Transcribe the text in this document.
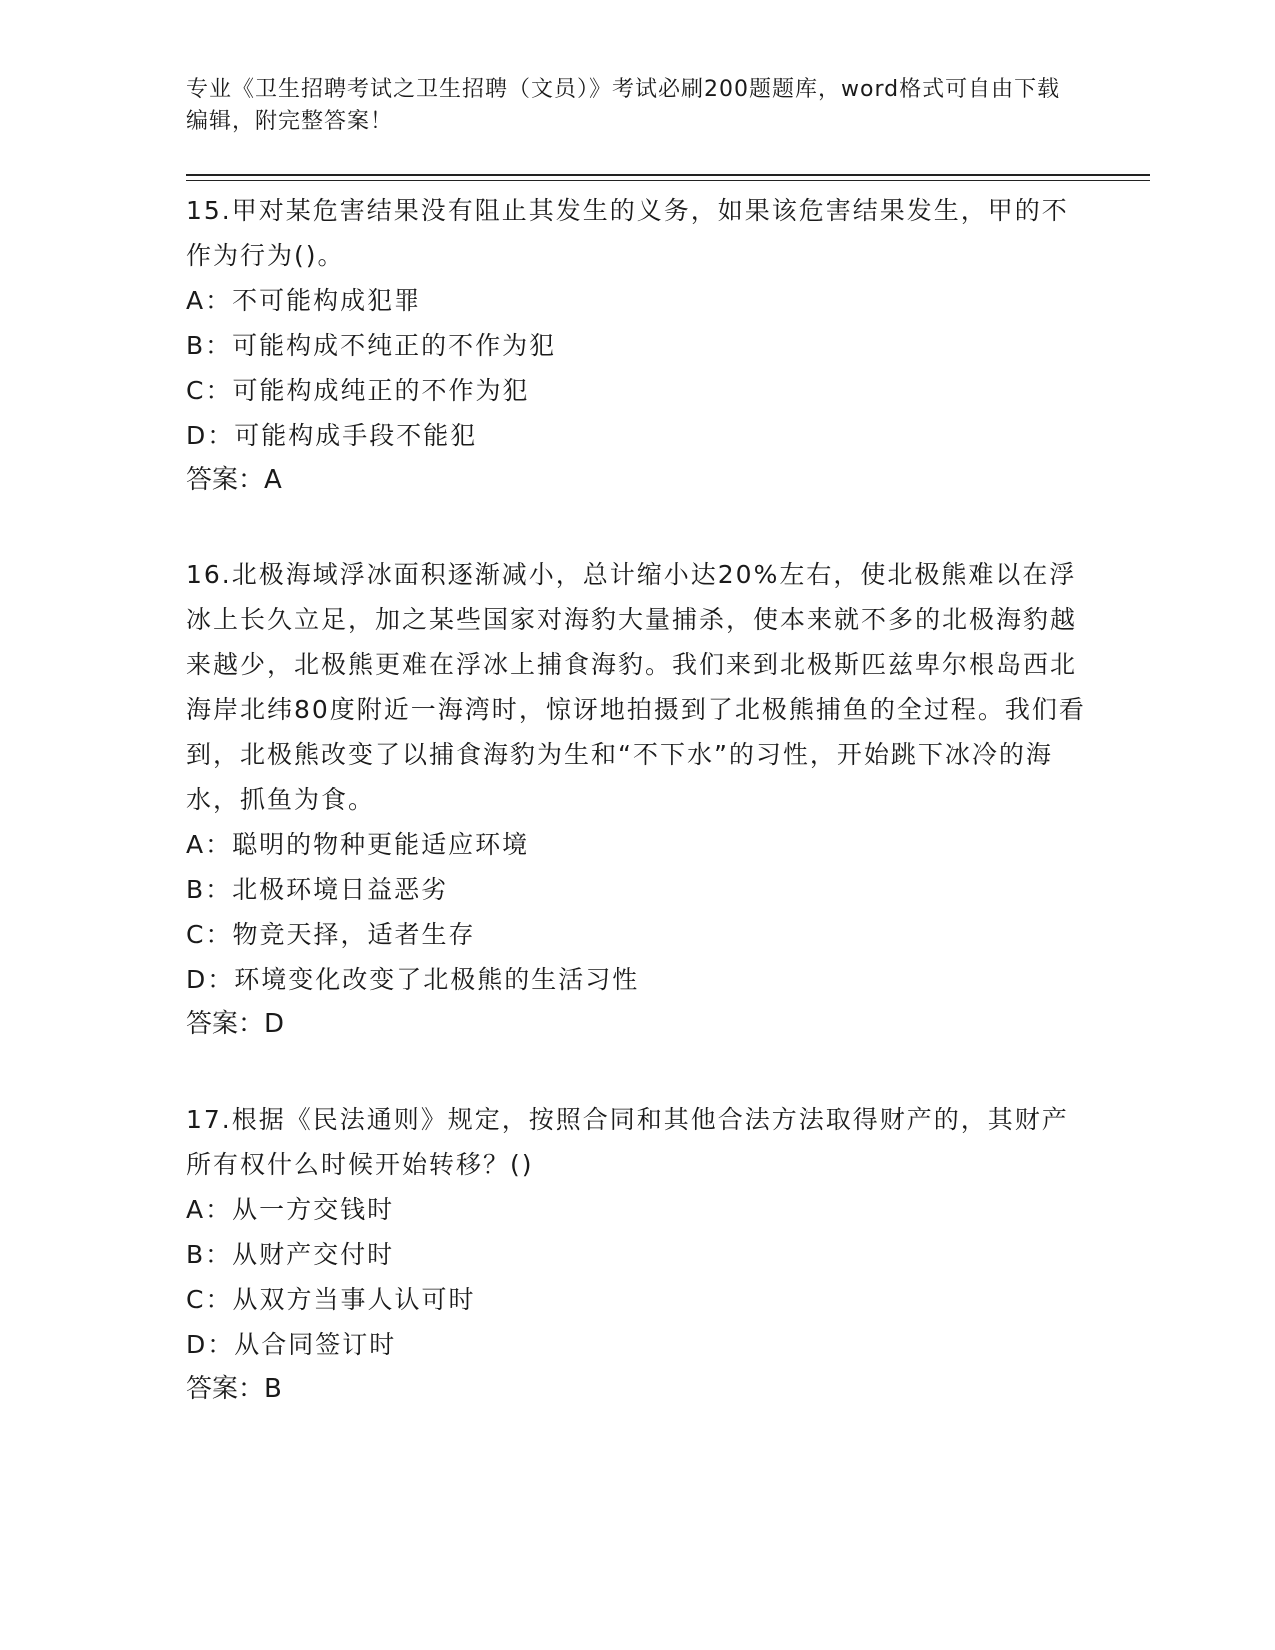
专业《卫生招聘考试之卫生招聘（文员）》考试必刷200题题库，word格式可自由下载编辑，附完整答案！

15.甲对某危害结果没有阻止其发生的义务，如果该危害结果发生，甲的不作为行为()。

A：不可能构成犯罪

B：可能构成不纯正的不作为犯

C：可能构成纯正的不作为犯

D：可能构成手段不能犯

答案：A

16.北极海域浮冰面积逐渐减小，总计缩小达20%左右，使北极熊难以在浮冰上长久立足，加之某些国家对海豹大量捕杀，使本来就不多的北极海豹越来越少，北极熊更难在浮冰上捕食海豹。我们来到北极斯匹兹卑尔根岛西北海岸北纬80度附近一海湾时，惊讶地拍摄到了北极熊捕鱼的全过程。我们看到，北极熊改变了以捕食海豹为生和“不下水”的习性，开始跳下冰冷的海水，抓鱼为食。

A：聪明的物种更能适应环境

B：北极环境日益恶劣

C：物竞天择，适者生存

D：环境变化改变了北极熊的生活习性

答案：D

17.根据《民法通则》规定，按照合同和其他合法方法取得财产的，其财产所有权什么时候开始转移？()

A：从一方交钱时

B：从财产交付时

C：从双方当事人认可时

D：从合同签订时

答案：B
